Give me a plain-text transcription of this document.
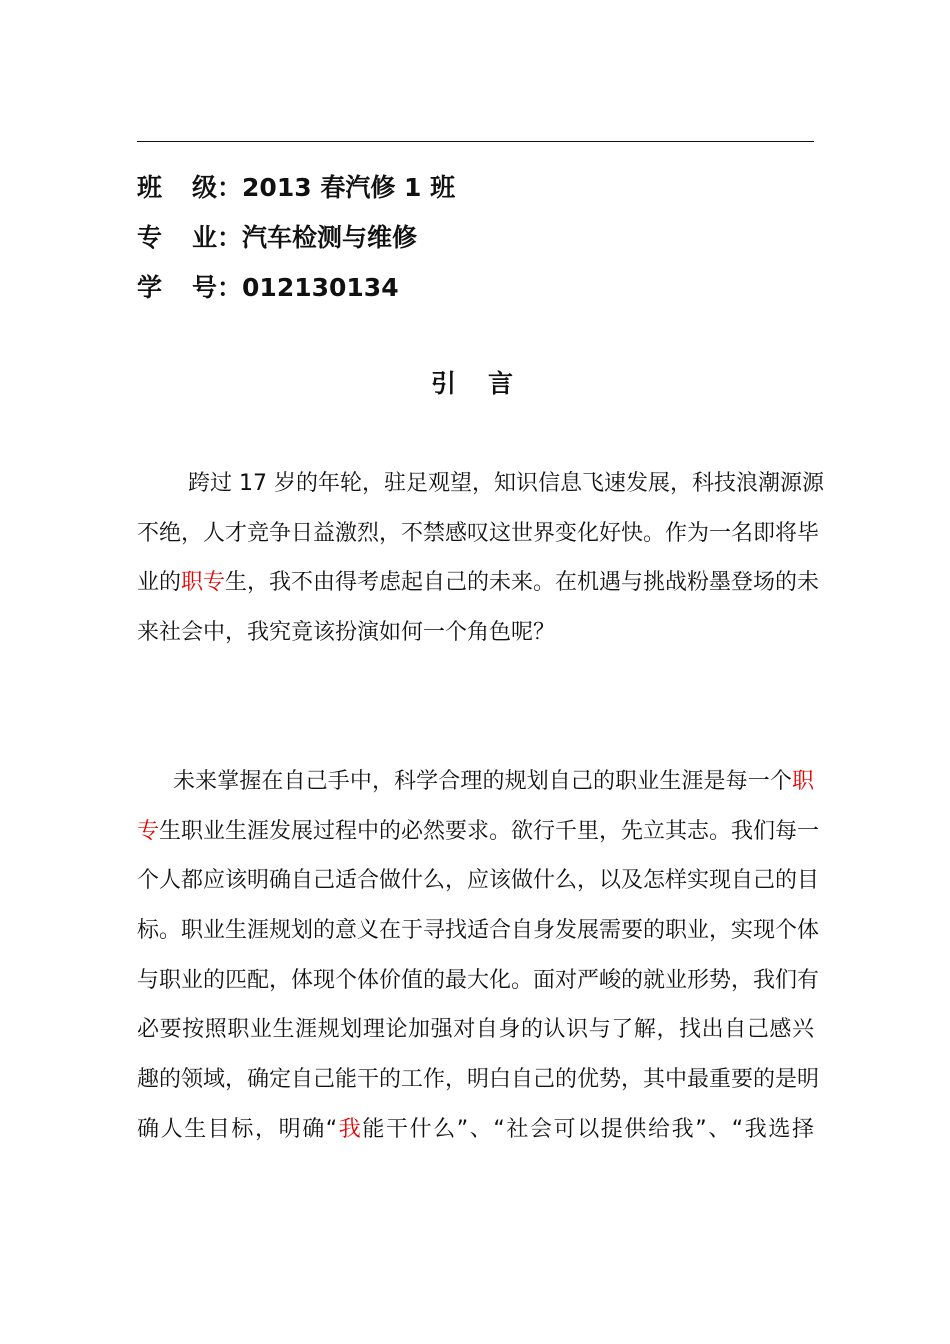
班 级：2013 春汽修 1 班
专 业：汽车检测与维修
学 号：012130134
引 言
跨过 17 岁的年轮，驻足观望，知识信息飞速发展，科技浪潮源源
不绝，人才竞争日益激烈，不禁感叹这世界变化好快。作为一名即将毕
业的职专生，我不由得考虑起自己的未来。在机遇与挑战粉墨登场的未
来社会中，我究竟该扮演如何一个角色呢？
未来掌握在自己手中，科学合理的规划自己的职业生涯是每一个职
专生职业生涯发展过程中的必然要求。欲行千里，先立其志。我们每一
个人都应该明确自己适合做什么，应该做什么，以及怎样实现自己的目
标。职业生涯规划的意义在于寻找适合自身发展需要的职业，实现个体
与职业的匹配，体现个体价值的最大化。面对严峻的就业形势，我们有
必要按照职业生涯规划理论加强对自身的认识与了解，找出自己感兴
趣的领域，确定自己能干的工作，明白自己的优势，其中最重要的是明
确人生目标，明确“我能干什么”、“社会可以提供给我”、“我选择
